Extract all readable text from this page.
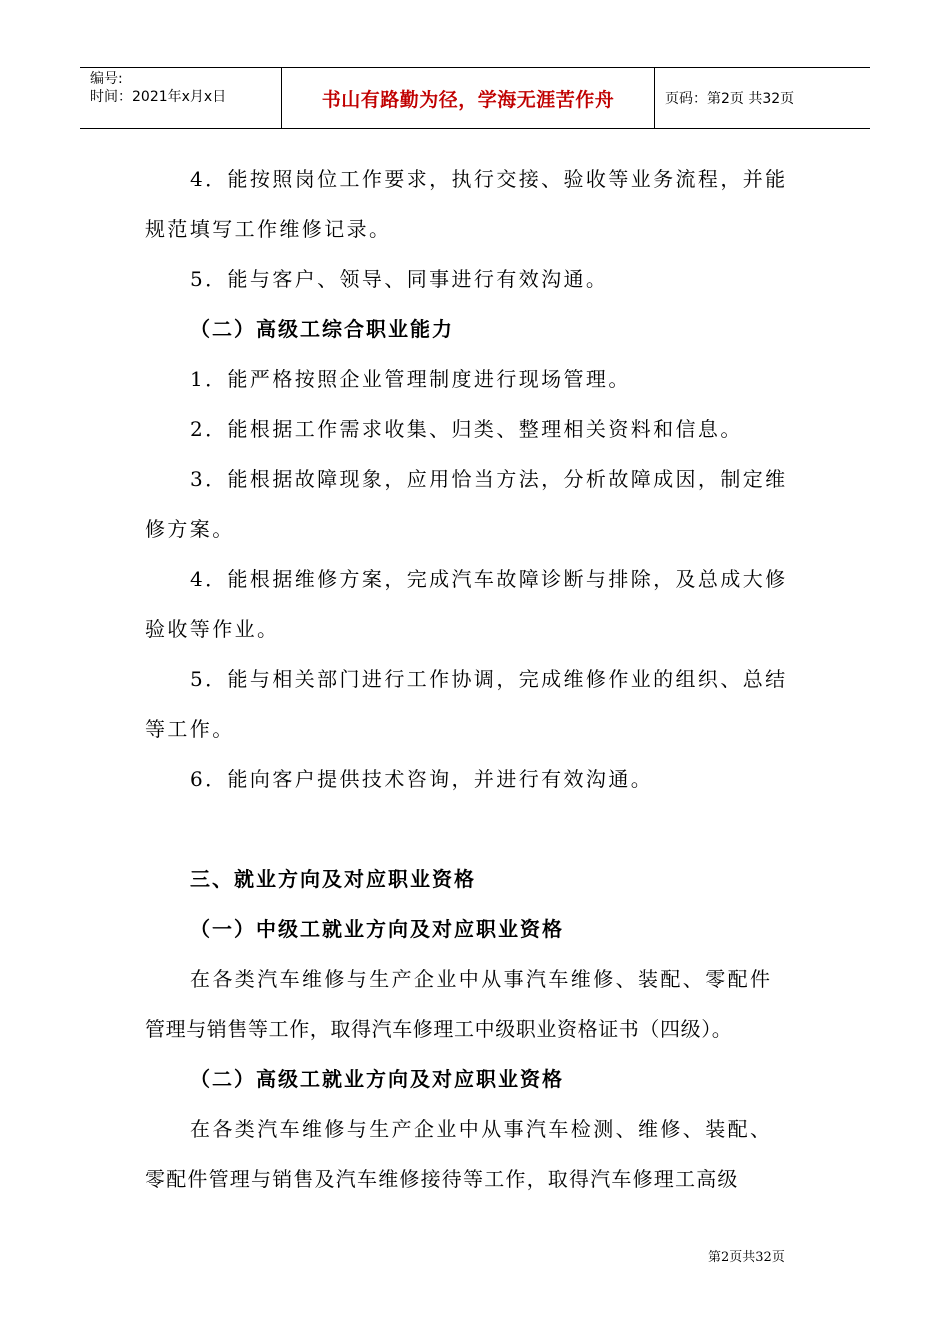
编号:
时间：2021年x月x日	书山有路勤为径，学海无涯苦作舟	页码：第2页 共32页
4．能按照岗位工作要求，执行交接、验收等业务流程，并能
规范填写工作维修记录。
5．能与客户、领导、同事进行有效沟通。
（二）高级工综合职业能力
1．能严格按照企业管理制度进行现场管理。
2．能根据工作需求收集、归类、整理相关资料和信息。
3．能根据故障现象，应用恰当方法，分析故障成因，制定维
修方案。
4．能根据维修方案，完成汽车故障诊断与排除，及总成大修
验收等作业。
5．能与相关部门进行工作协调，完成维修作业的组织、总结
等工作。
6．能向客户提供技术咨询，并进行有效沟通。
三、就业方向及对应职业资格
（一）中级工就业方向及对应职业资格
在各类汽车维修与生产企业中从事汽车维修、装配、零配件
管理与销售等工作，取得汽车修理工中级职业资格证书（四级）。
（二）高级工就业方向及对应职业资格
在各类汽车维修与生产企业中从事汽车检测、维修、装配、
零配件管理与销售及汽车维修接待等工作，取得汽车修理工高级
第2页共32页
